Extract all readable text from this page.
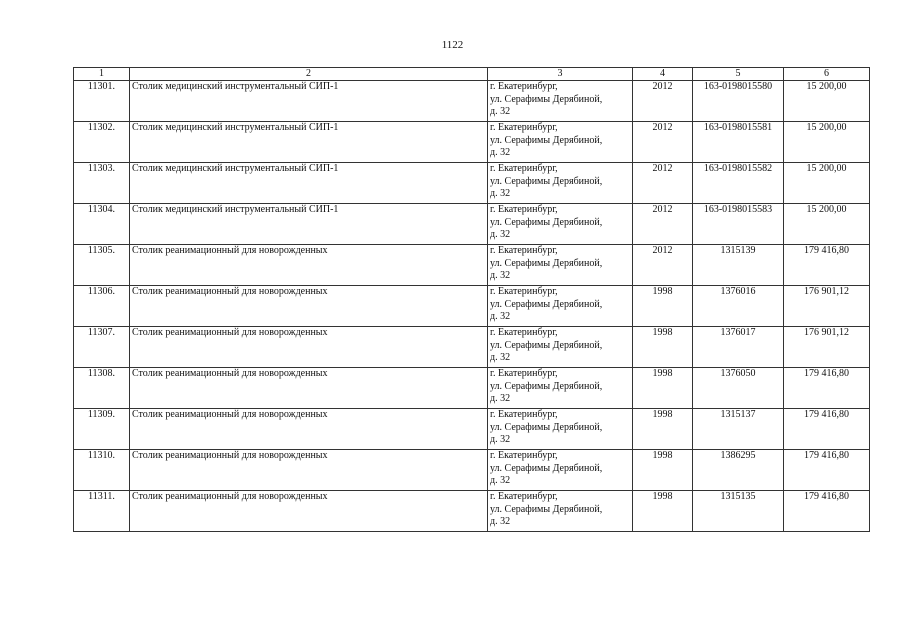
1122
1	2	3	4	5	6
11301.	Столик медицинский инструментальный СИП-1	г. Екатеринбург,
ул. Серафимы Дерябиной,
д. 32	2012	163-0198015580	15 200,00
11302.	Столик медицинский инструментальный СИП-1	г. Екатеринбург,
ул. Серафимы Дерябиной,
д. 32	2012	163-0198015581	15 200,00
11303.	Столик медицинский инструментальный СИП-1	г. Екатеринбург,
ул. Серафимы Дерябиной,
д. 32	2012	163-0198015582	15 200,00
11304.	Столик медицинский инструментальный СИП-1	г. Екатеринбург,
ул. Серафимы Дерябиной,
д. 32	2012	163-0198015583	15 200,00
11305.	Столик реанимационный для новорожденных	г. Екатеринбург,
ул. Серафимы Дерябиной,
д. 32	2012	1315139	179 416,80
11306.	Столик реанимационный для новорожденных	г. Екатеринбург,
ул. Серафимы Дерябиной,
д. 32	1998	1376016	176 901,12
11307.	Столик реанимационный для новорожденных	г. Екатеринбург,
ул. Серафимы Дерябиной,
д. 32	1998	1376017	176 901,12
11308.	Столик реанимационный для новорожденных	г. Екатеринбург,
ул. Серафимы Дерябиной,
д. 32	1998	1376050	179 416,80
11309.	Столик реанимационный для новорожденных	г. Екатеринбург,
ул. Серафимы Дерябиной,
д. 32	1998	1315137	179 416,80
11310.	Столик реанимационный для новорожденных	г. Екатеринбург,
ул. Серафимы Дерябиной,
д. 32	1998	1386295	179 416,80
11311.	Столик реанимационный для новорожденных	г. Екатеринбург,
ул. Серафимы Дерябиной,
д. 32	1998	1315135	179 416,80
